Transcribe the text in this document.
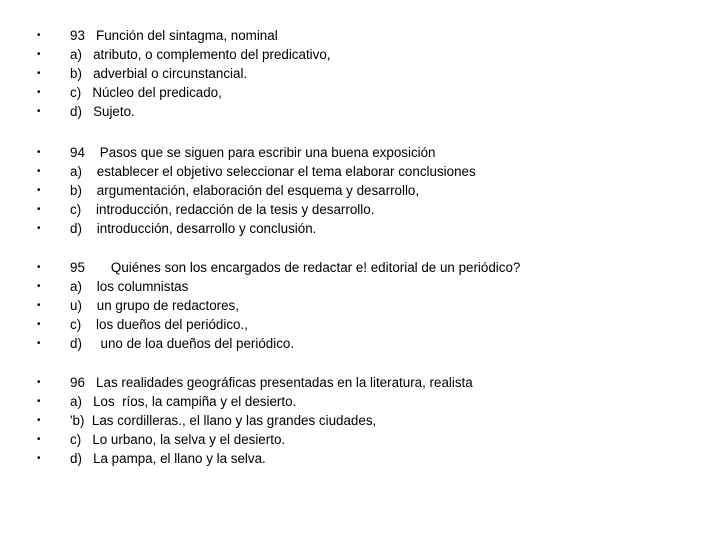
•

93   Función del sintagma, nominal

•

a)   atributo, o complemento del predicativo,

•

b)   adverbial o circunstancial.

•

c)   Núcleo del predicado,

•

d)   Sujeto.

•

94    Pasos que se siguen para escribir una buena exposición

•

a)    establecer el objetivo seleccionar el tema elaborar conclusiones

•

b)    argumentación, elaboración del esquema y desarrollo,

•

c)    introducción, redacción de la tesis y desarrollo.

•

d)    introducción, desarrollo y conclusión.

•

95       Quiénes son los encargados de redactar e! editorial de un periódico?

•

a)    los columnistas

•

u)    un grupo de redactores,

•

c)    los dueños del periódico.,

•

d)     uno de loa dueños del periódico.

•

96   Las realidades geográficas presentadas en la literatura, realista

•

a)   Los  ríos, la campiña y el desierto.

•

'b)  Las cordilleras., el llano y las grandes ciudades,

•

c)   Lo urbano, la selva y el desierto.

•

d)   La pampa, el llano y la selva.
